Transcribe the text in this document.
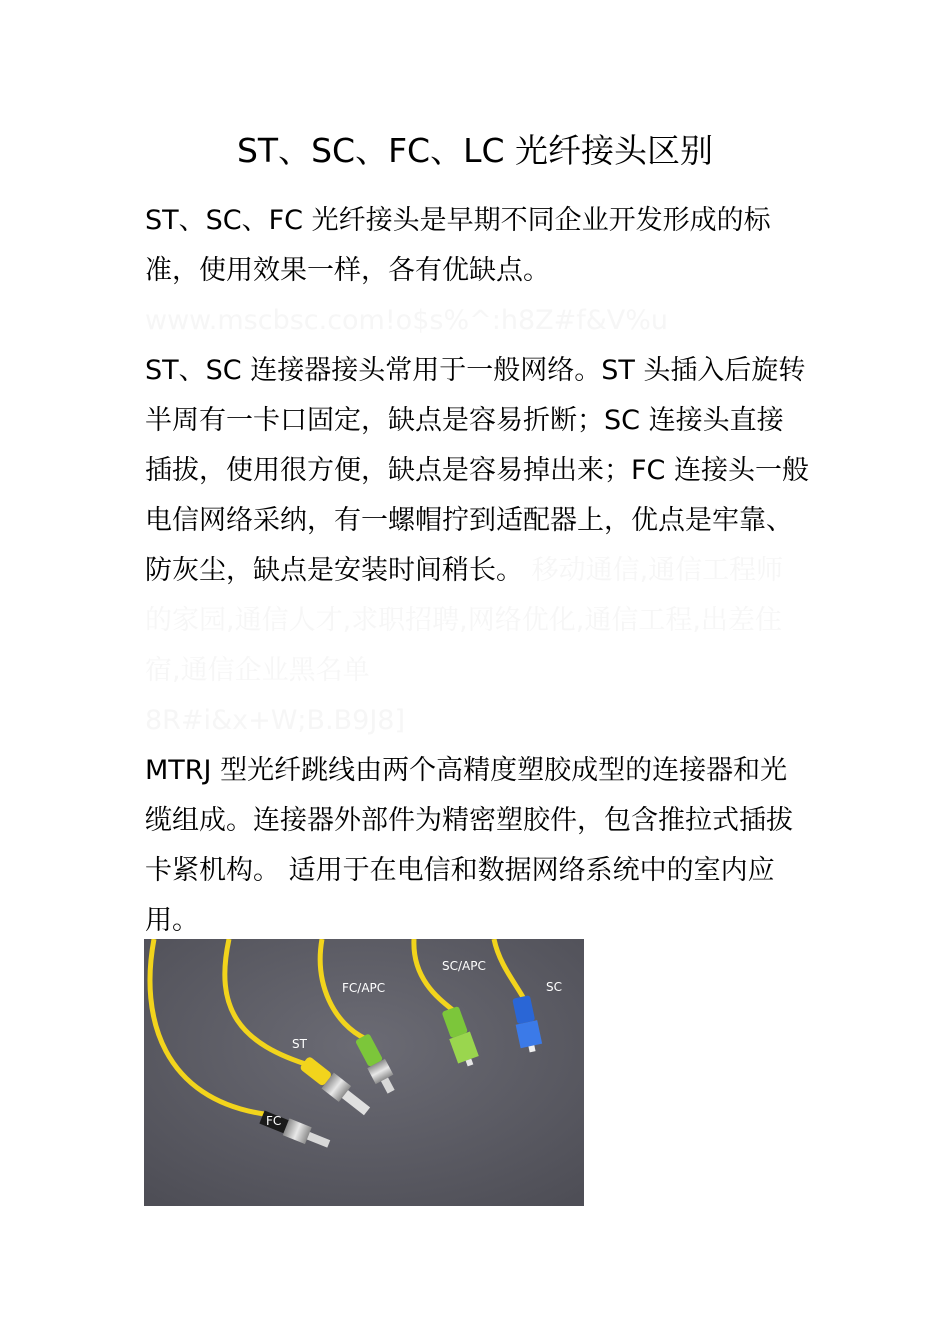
ST、SC、FC、LC 光纤接头区别

ST、SC、FC 光纤接头是早期不同企业开发形成的标准，使用效果一样，各有优缺点。

www.mscbsc.com!o$s%^:h8Z#f&V%u

ST、SC 连接器接头常用于一般网络。ST 头插入后旋转半周有一卡口固定，缺点是容易折断；SC 连接头直接插拔，使用很方便，缺点是容易掉出来；FC 连接头一般电信网络采纳，有一螺帽拧到适配器上，优点是牢靠、防灰尘，缺点是安装时间稍长。 移动通信,通信工程师的家园,通信人才,求职招聘,网络优化,通信工程,出差住宿,通信企业黑名单

8R#i&x+W;B.B9J8]

MTRJ 型光纤跳线由两个高精度塑胶成型的连接器和光缆组成。连接器外部件为精密塑胶件，包含推拉式插拔卡紧机构。 适用于在电信和数据网络系统中的室内应用。

FC/APC
SC/APC
SC
ST
FC
